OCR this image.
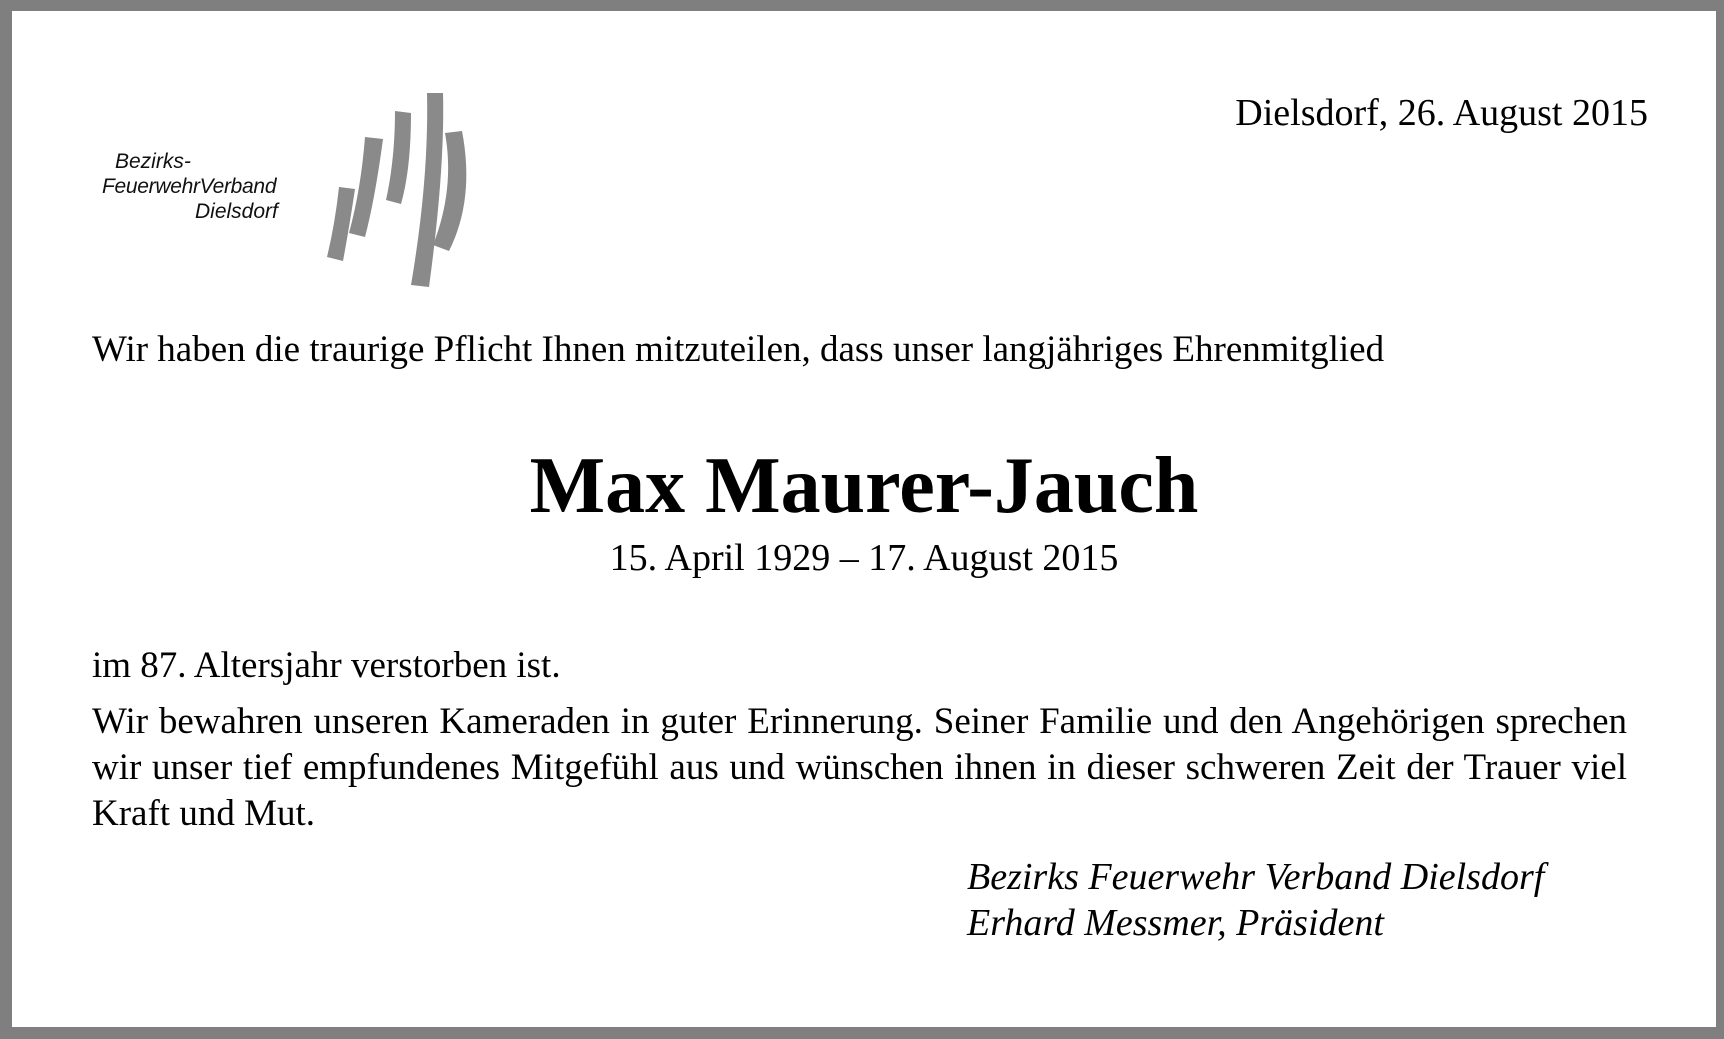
Bezirks-
FeuerwehrVerband
Dielsdorf
Dielsdorf, 26. August 2015
Wir haben die traurige Pflicht Ihnen mitzuteilen, dass unser langjähriges Ehrenmitglied
Max Maurer-Jauch
15. April 1929 – 17. August 2015
im 87. Altersjahr verstorben ist.
Wir bewahren unseren Kameraden in guter Erinnerung. Seiner Familie und den Angehörigen sprechen wir unser tief empfundenes Mitgefühl aus und wünschen ihnen in dieser schweren Zeit der Trauer viel Kraft und Mut.
Bezirks Feuerwehr Verband Dielsdorf
Erhard Messmer, Präsident
